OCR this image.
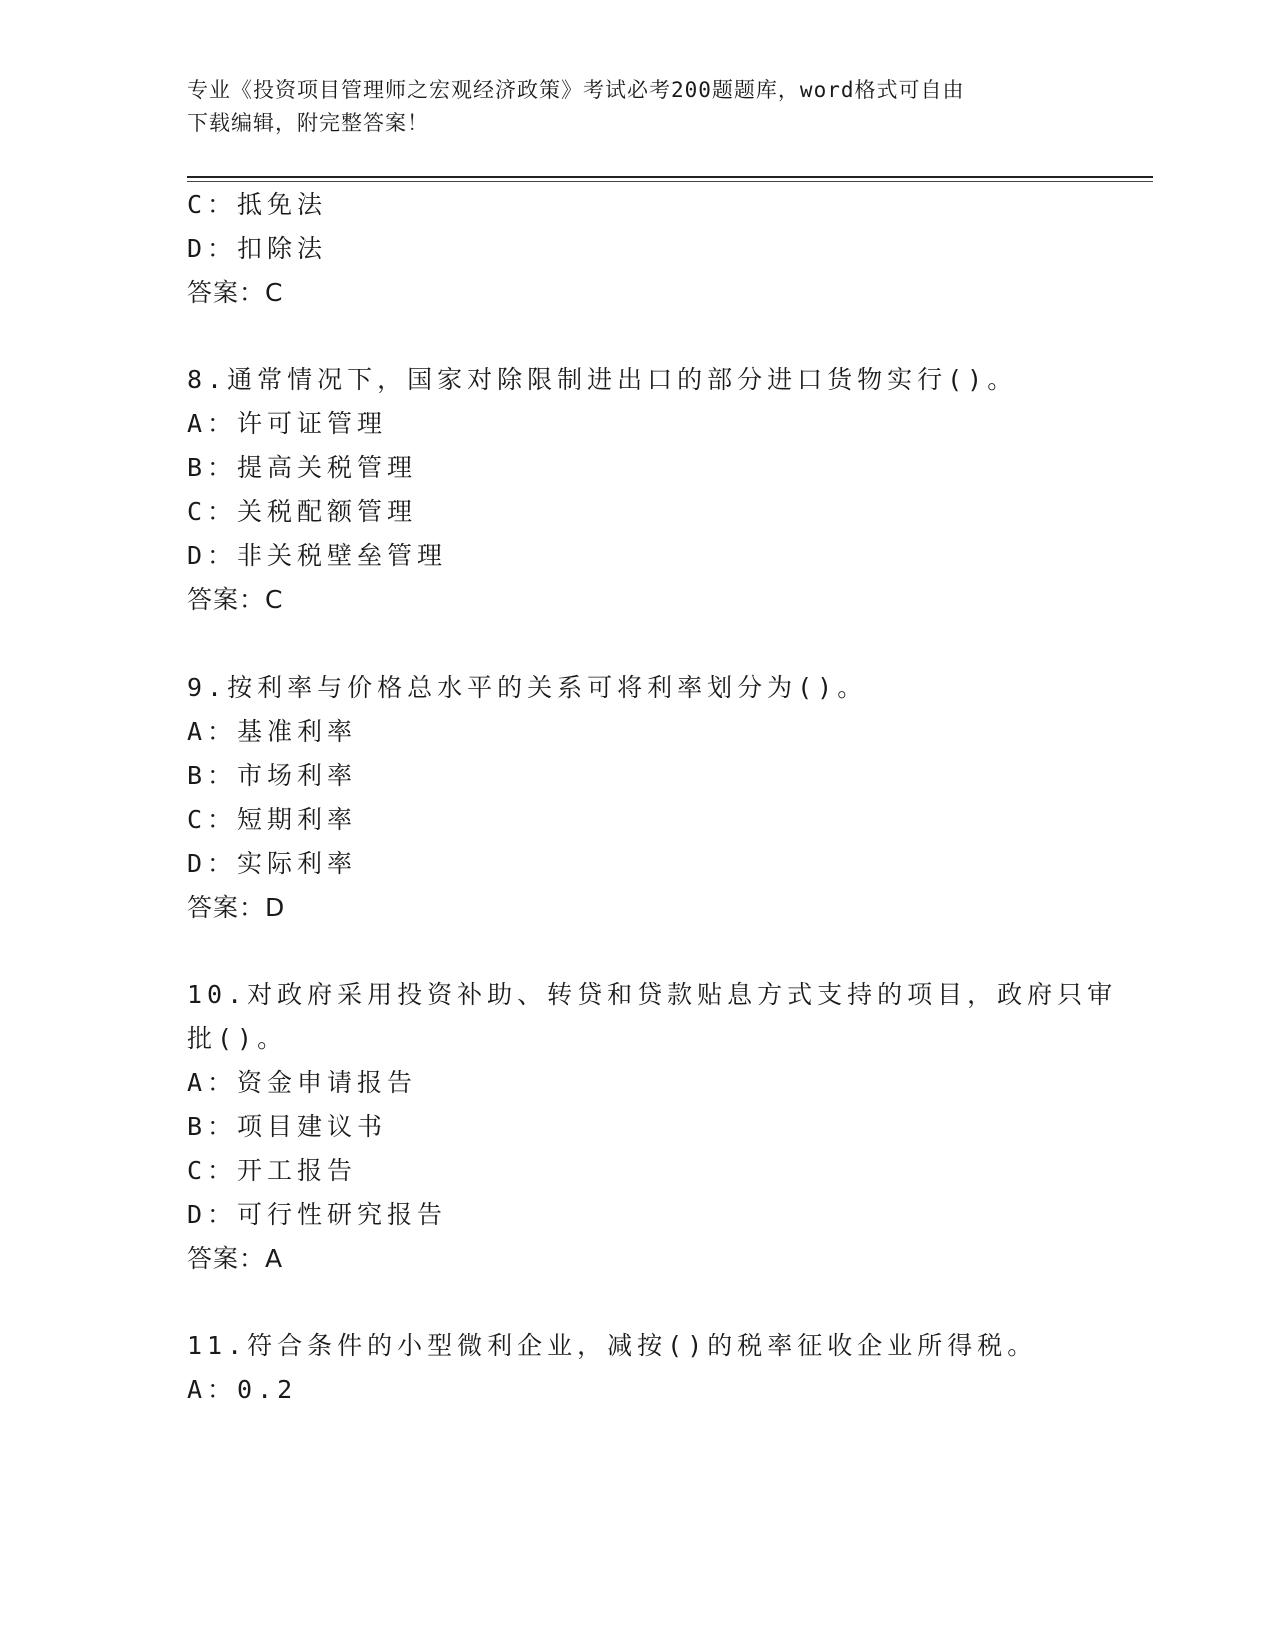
专业《投资项目管理师之宏观经济政策》考试必考200题题库，word格式可自由
下载编辑，附完整答案！
C：抵免法
D：扣除法
答案：C
8.通常情况下，国家对除限制进出口的部分进口货物实行()。
A：许可证管理
B：提高关税管理
C：关税配额管理
D：非关税壁垒管理
答案：C
9.按利率与价格总水平的关系可将利率划分为()。
A：基准利率
B：市场利率
C：短期利率
D：实际利率
答案：D
10.对政府采用投资补助、转贷和贷款贴息方式支持的项目，政府只审
批()。
A：资金申请报告
B：项目建议书
C：开工报告
D：可行性研究报告
答案：A
11.符合条件的小型微利企业，减按()的税率征收企业所得税。
A：0.2
